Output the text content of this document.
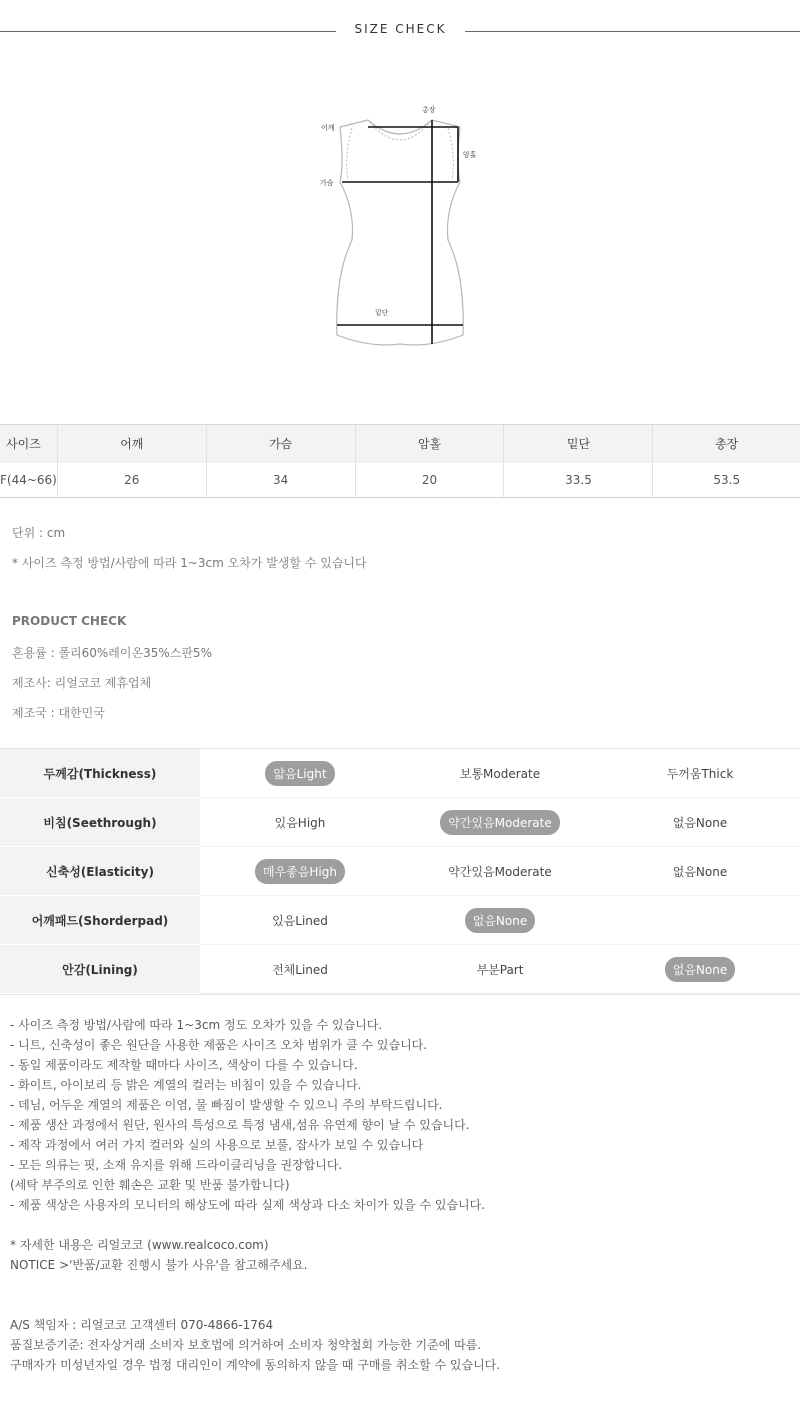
SIZE CHECK
총장
어깨
암홀
가슴
밑단
사이즈	어깨	가슴	암홀	밑단	총장
F(44~66)	26	34	20	33.5	53.5
단위 : cm
* 사이즈 측정 방법/사람에 따라 1~3cm 오차가 발생할 수 있습니다
PRODUCT CHECK
혼용률 : 폴리60%레이온35%스판5%
제조사: 리얼코코 제휴업체
제조국 : 대한민국
두께감(Thickness)	얇음Light	보통Moderate	두꺼움Thick
비침(Seethrough)	있음High	약간있음Moderate	없음None
신축성(Elasticity)	매우좋음High	약간있음Moderate	없음None
어깨패드(Shorderpad)	있음Lined	없음None	
안감(Lining)	전체Lined	부분Part	없음None
- 사이즈 측정 방법/사람에 따라 1~3cm 정도 오차가 있을 수 있습니다.
- 니트, 신축성이 좋은 원단을 사용한 제품은 사이즈 오차 범위가 클 수 있습니다.
- 동일 제품이라도 제작할 때마다 사이즈, 색상이 다를 수 있습니다.
- 화이트, 아이보리 등 밝은 계열의 컬러는 비침이 있을 수 있습니다.
- 데님, 어두운 계열의 제품은 이염, 물 빠짐이 발생할 수 있으니 주의 부탁드립니다.
- 제품 생산 과정에서 원단, 원사의 특성으로 특정 냄새,섬유 유연제 향이 날 수 있습니다.
- 제작 과정에서 여러 가지 컬러와 실의 사용으로 보풀, 잡사가 보일 수 있습니다
- 모든 의류는 핏, 소재 유지를 위해 드라이클리닝을 권장합니다.
(세탁 부주의로 인한 훼손은 교환 및 반품 불가합니다)
- 제품 색상은 사용자의 모니터의 해상도에 따라 실제 색상과 다소 차이가 있을 수 있습니다.
* 자세한 내용은 리얼코코 (www.realcoco.com)
NOTICE >'반품/교환 진행시 불가 사유'을 참고해주세요.
A/S 책임자 : 리얼코코 고객센터 070-4866-1764
품질보증기준: 전자상거래 소비자 보호법에 의거하여 소비자 청약철회 가능한 기준에 따름.
구매자가 미성년자일 경우 법정 대리인이 계약에 동의하지 않을 때 구매를 취소할 수 있습니다.
